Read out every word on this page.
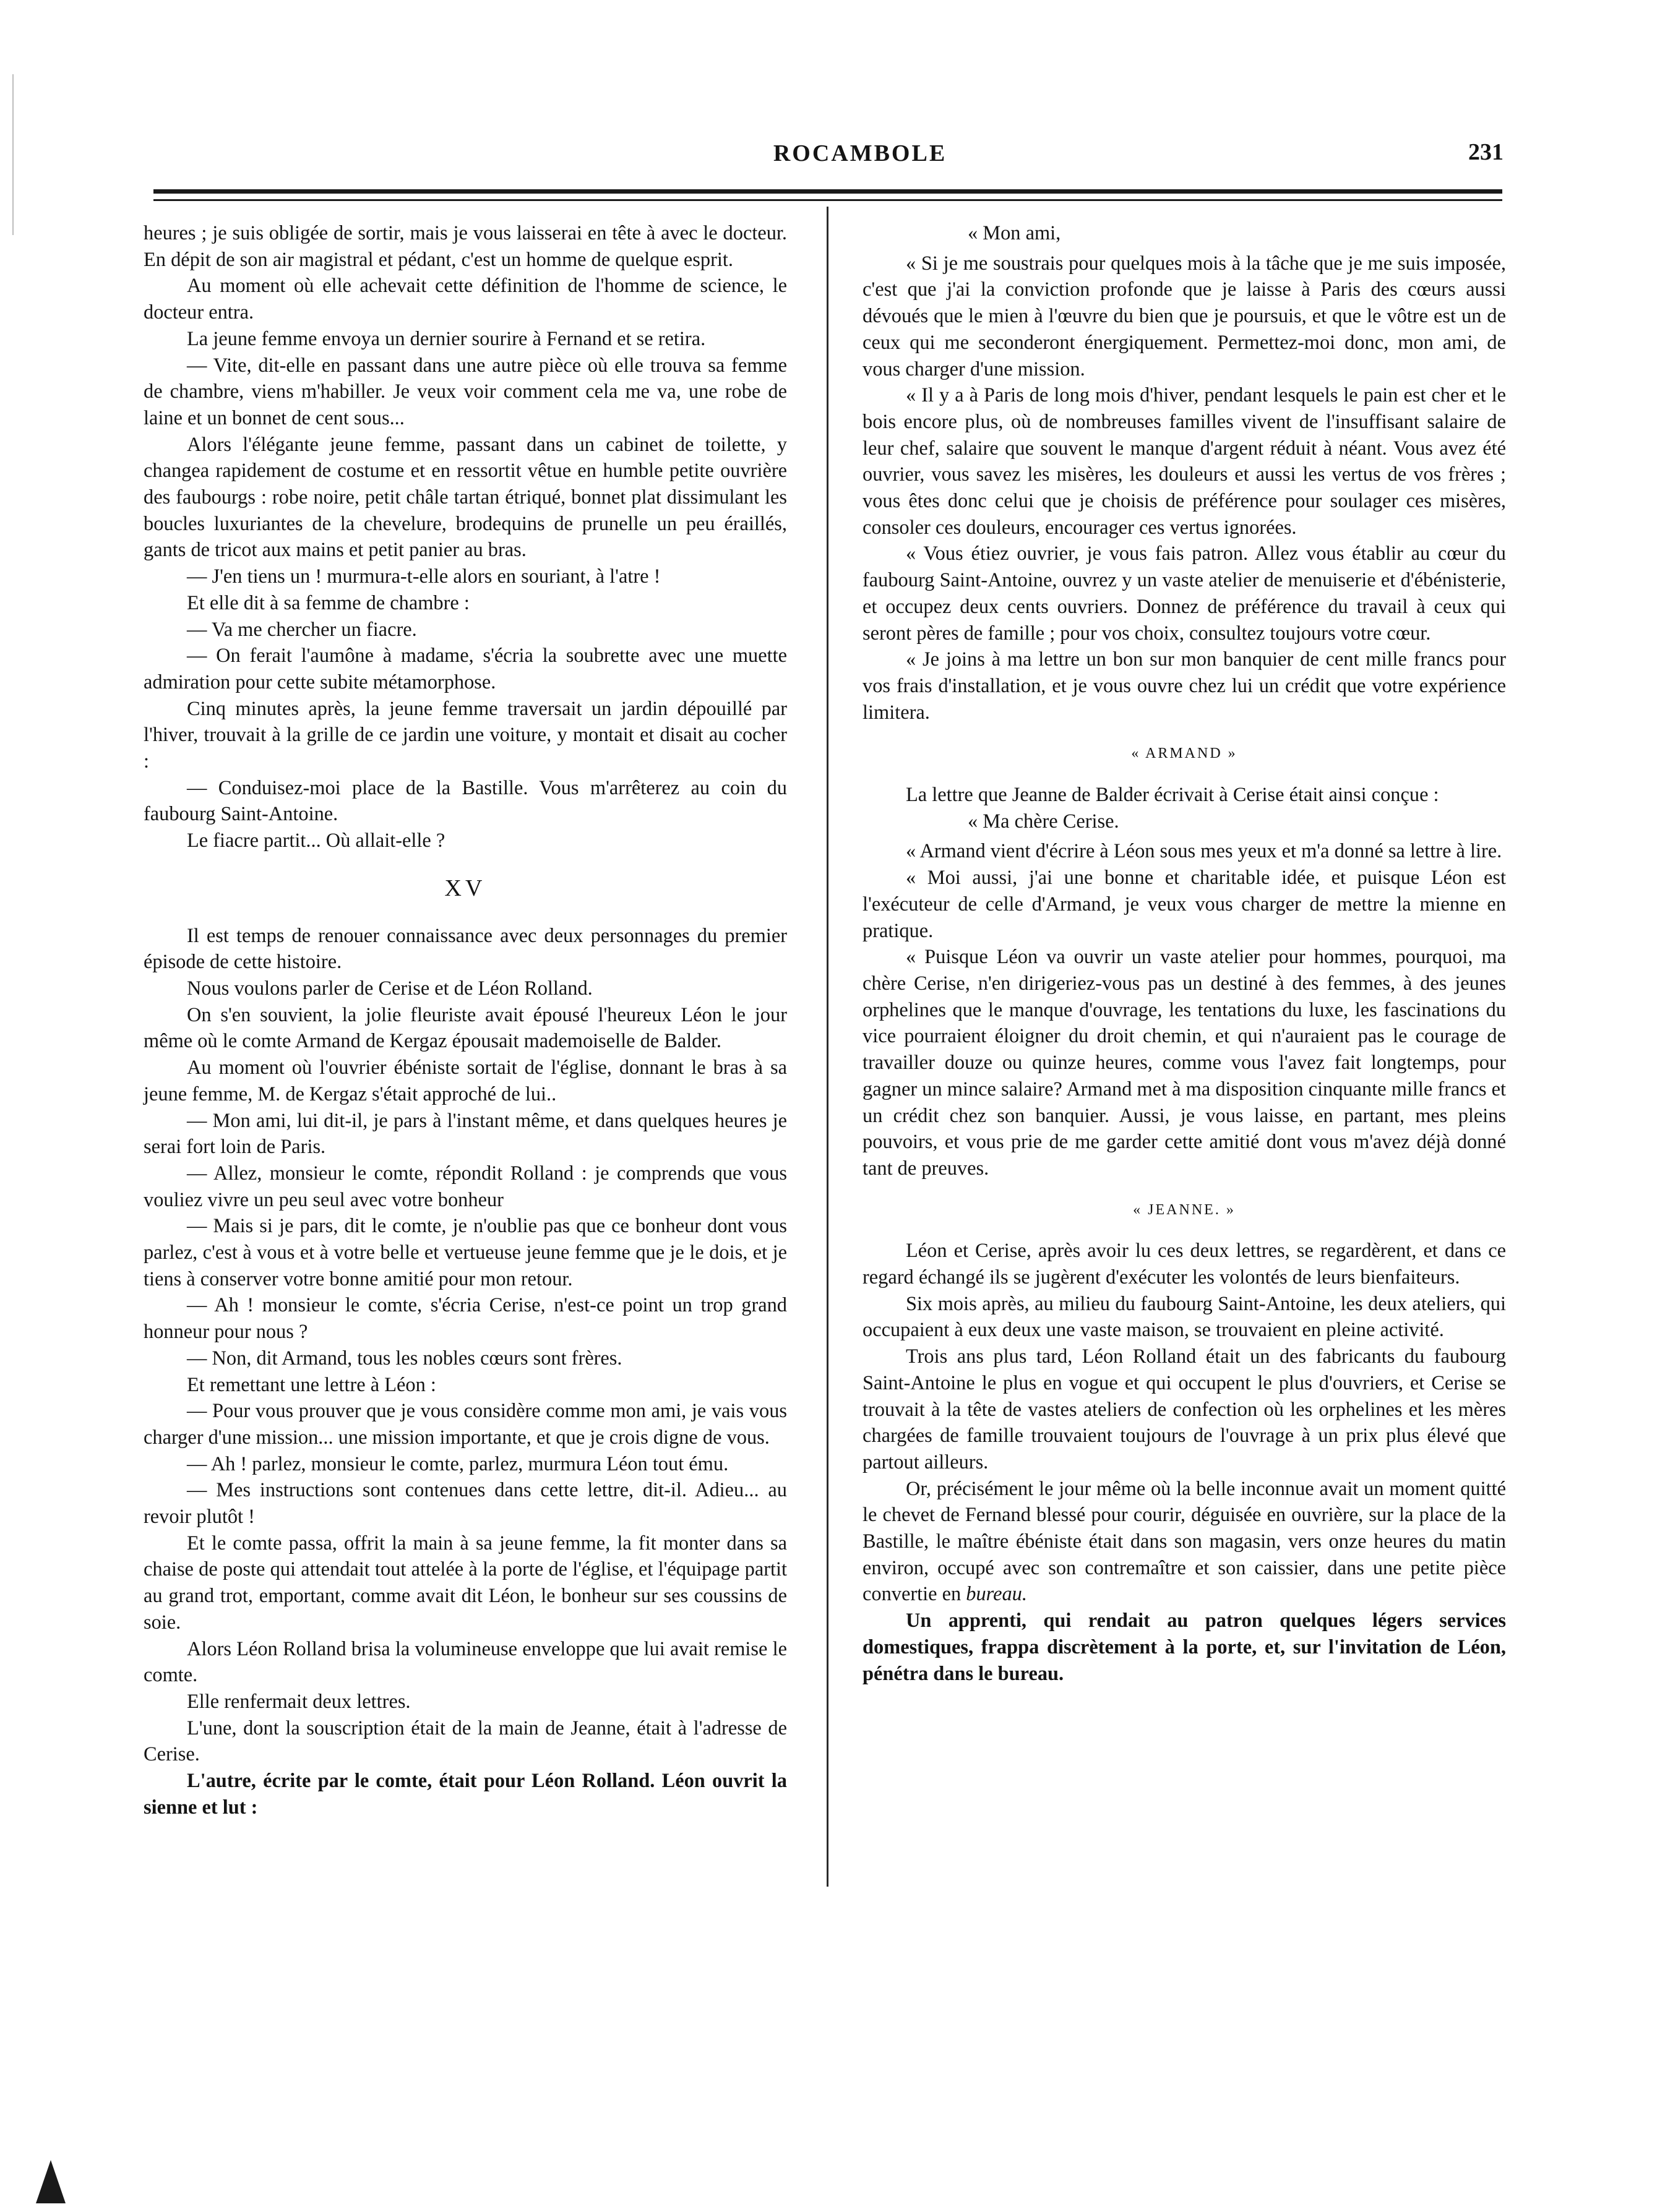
ROCAMBOLE	231

heures ; je suis obligée de sortir, mais je vous laisserai en tête à avec le docteur. En dépit de son air magistral et pédant, c'est un homme de quelque esprit.

Au moment où elle achevait cette définition de l'homme de science, le docteur entra.

La jeune femme envoya un dernier sourire à Fernand et se retira.

— Vite, dit-elle en passant dans une autre pièce où elle trouva sa femme de chambre, viens m'habiller. Je veux voir comment cela me va, une robe de laine et un bonnet de cent sous...

Alors l'élégante jeune femme, passant dans un cabinet de toilette, y changea rapidement de costume et en ressortit vêtue en humble petite ouvrière des faubourgs : robe noire, petit châle tartan étriqué, bonnet plat dissimulant les boucles luxuriantes de la chevelure, brodequins de prunelle un peu éraillés, gants de tricot aux mains et petit panier au bras.

— J'en tiens un ! murmura-t-elle alors en souriant, à l'atre !

Et elle dit à sa femme de chambre :

— Va me chercher un fiacre.

— On ferait l'aumône à madame, s'écria la soubrette avec une muette admiration pour cette subite métamorphose.

Cinq minutes après, la jeune femme traversait un jardin dépouillé par l'hiver, trouvait à la grille de ce jardin une voiture, y montait et disait au cocher :

— Conduisez-moi place de la Bastille. Vous m'arrêterez au coin du faubourg Saint-Antoine.

Le fiacre partit... Où allait-elle ?

XV

Il est temps de renouer connaissance avec deux personnages du premier épisode de cette histoire.

Nous voulons parler de Cerise et de Léon Rolland.

On s'en souvient, la jolie fleuriste avait épousé l'heureux Léon le jour même où le comte Armand de Kergaz épousait mademoiselle de Balder.

Au moment où l'ouvrier ébéniste sortait de l'église, donnant le bras à sa jeune femme, M. de Kergaz s'était approché de lui..

— Mon ami, lui dit-il, je pars à l'instant même, et dans quelques heures je serai fort loin de Paris.

— Allez, monsieur le comte, répondit Rolland : je comprends que vous vouliez vivre un peu seul avec votre bonheur

— Mais si je pars, dit le comte, je n'oublie pas que ce bonheur dont vous parlez, c'est à vous et à votre belle et vertueuse jeune femme que je le dois, et je tiens à conserver votre bonne amitié pour mon retour.

— Ah ! monsieur le comte, s'écria Cerise, n'est-ce point un trop grand honneur pour nous ?

— Non, dit Armand, tous les nobles cœurs sont frères.

Et remettant une lettre à Léon :

— Pour vous prouver que je vous considère comme mon ami, je vais vous charger d'une mission... une mission importante, et que je crois digne de vous.

— Ah ! parlez, monsieur le comte, parlez, murmura Léon tout ému.

— Mes instructions sont contenues dans cette lettre, dit-il. Adieu... au revoir plutôt !

Et le comte passa, offrit la main à sa jeune femme, la fit monter dans sa chaise de poste qui attendait tout attelée à la porte de l'église, et l'équipage partit au grand trot, emportant, comme avait dit Léon, le bonheur sur ses coussins de soie.

Alors Léon Rolland brisa la volumineuse enveloppe que lui avait remise le comte.

Elle renfermait deux lettres.

L'une, dont la souscription était de la main de Jeanne, était à l'adresse de Cerise.

L'autre, écrite par le comte, était pour Léon Rolland. Léon ouvrit la sienne et lut :

« Mon ami,

« Si je me soustrais pour quelques mois à la tâche que je me suis imposée, c'est que j'ai la conviction profonde que je laisse à Paris des cœurs aussi dévoués que le mien à l'œuvre du bien que je poursuis, et que le vôtre est un de ceux qui me seconderont énergiquement. Permettez-moi donc, mon ami, de vous charger d'une mission.

« Il y a à Paris de long mois d'hiver, pendant lesquels le pain est cher et le bois encore plus, où de nombreuses familles vivent de l'insuffisant salaire de leur chef, salaire que souvent le manque d'argent réduit à néant. Vous avez été ouvrier, vous savez les misères, les douleurs et aussi les vertus de vos frères ; vous êtes donc celui que je choisis de préférence pour soulager ces misères, consoler ces douleurs, encourager ces vertus ignorées.

« Vous étiez ouvrier, je vous fais patron. Allez vous établir au cœur du faubourg Saint-Antoine, ouvrez y un vaste atelier de menuiserie et d'ébénisterie, et occupez deux cents ouvriers. Donnez de préférence du travail à ceux qui seront pères de famille ; pour vos choix, consultez toujours votre cœur.

« Je joins à ma lettre un bon sur mon banquier de cent mille francs pour vos frais d'installation, et je vous ouvre chez lui un crédit que votre expérience limitera.

« ARMAND »

La lettre que Jeanne de Balder écrivait à Cerise était ainsi conçue :

« Ma chère Cerise.

« Armand vient d'écrire à Léon sous mes yeux et m'a donné sa lettre à lire.

« Moi aussi, j'ai une bonne et charitable idée, et puisque Léon est l'exécuteur de celle d'Armand, je veux vous charger de mettre la mienne en pratique.

« Puisque Léon va ouvrir un vaste atelier pour hommes, pourquoi, ma chère Cerise, n'en dirigeriez-vous pas un destiné à des femmes, à des jeunes orphelines que le manque d'ouvrage, les tentations du luxe, les fascinations du vice pourraient éloigner du droit chemin, et qui n'auraient pas le courage de travailler douze ou quinze heures, comme vous l'avez fait longtemps, pour gagner un mince salaire? Armand met à ma disposition cinquante mille francs et un crédit chez son banquier. Aussi, je vous laisse, en partant, mes pleins pouvoirs, et vous prie de me garder cette amitié dont vous m'avez déjà donné tant de preuves.

« JEANNE. »

Léon et Cerise, après avoir lu ces deux lettres, se regardèrent, et dans ce regard échangé ils se jugèrent d'exécuter les volontés de leurs bienfaiteurs.

Six mois après, au milieu du faubourg Saint-Antoine, les deux ateliers, qui occupaient à eux deux une vaste maison, se trouvaient en pleine activité.

Trois ans plus tard, Léon Rolland était un des fabricants du faubourg Saint-Antoine le plus en vogue et qui occupent le plus d'ouvriers, et Cerise se trouvait à la tête de vastes ateliers de confection où les orphelines et les mères chargées de famille trouvaient toujours de l'ouvrage à un prix plus élevé que partout ailleurs.

Or, précisément le jour même où la belle inconnue avait un moment quitté le chevet de Fernand blessé pour courir, déguisée en ouvrière, sur la place de la Bastille, le maître ébéniste était dans son magasin, vers onze heures du matin environ, occupé avec son contremaître et son caissier, dans une petite pièce convertie en bureau.

Un apprenti, qui rendait au patron quelques légers services domestiques, frappa discrètement à la porte, et, sur l'invitation de Léon, pénétra dans le bureau.
